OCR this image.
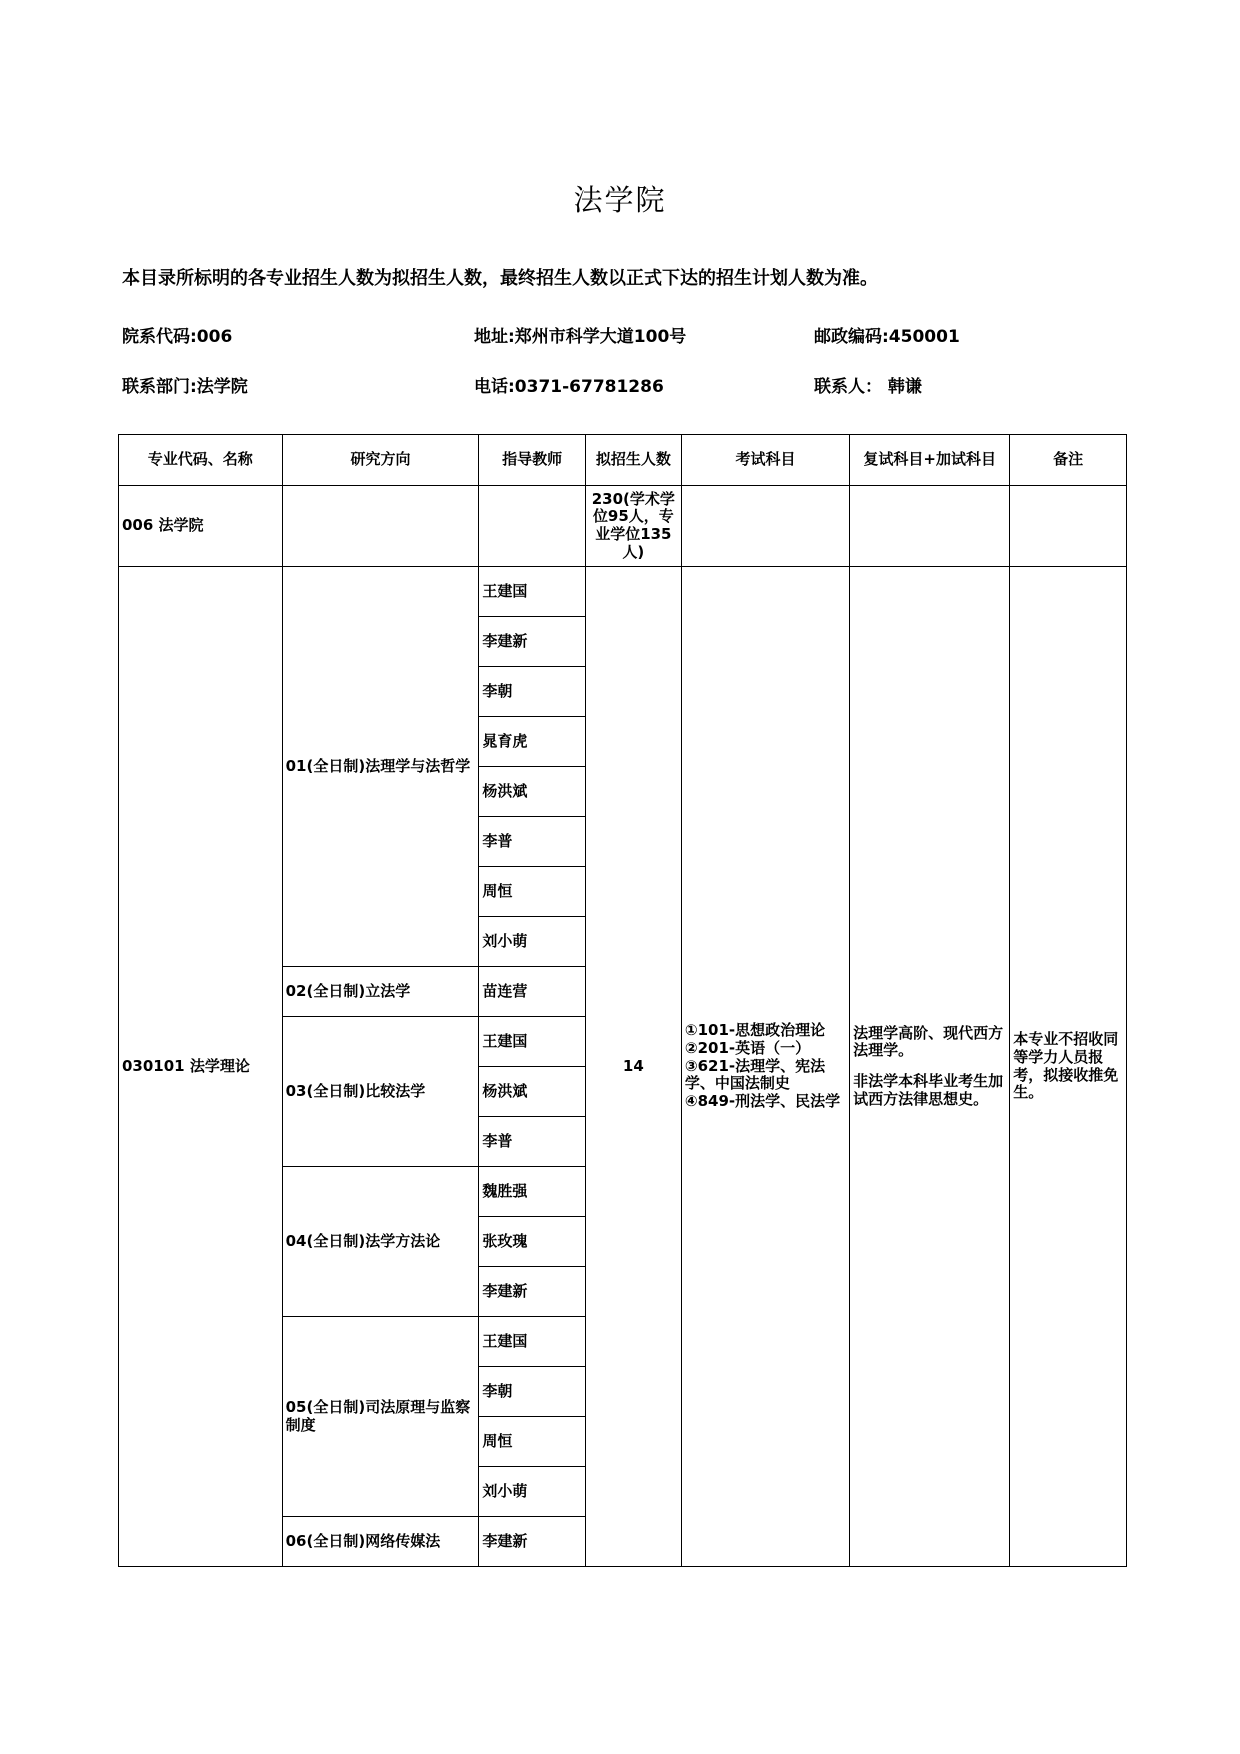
法学院

本目录所标明的各专业招生人数为拟招生人数，最终招生人数以正式下达的招生计划人数为准。

院系代码:006	地址:郑州市科学大道100号	邮政编码:450001
联系部门:法学院	电话:0371-67781286	联系人： 韩谦
专业代码、名称	研究方向	指导教师	拟招生人数	考试科目	复试科目+加试科目	备注
006 法学院			230(学术学位95人，专业学位135人)			
030101 法学理论	01(全日制)法理学与法哲学	王建国	14	①101-思想政治理论
②201-英语（一）
③621-法理学、宪法学、中国法制史
④849-刑法学、民法学	法理学高阶、现代西方法理学。
非法学本科毕业考生加试西方法律思想史。	本专业不招收同等学力人员报考，拟接收推免生。

		李建新				
		李朝				
		晁育虎				
		杨洪斌				
		李普				
		周恒				
		刘小萌				
	02(全日制)立法学	苗连营				
	03(全日制)比较法学	王建国				
		杨洪斌				
		李普				
	04(全日制)法学方法论	魏胜强				
		张玫瑰				
		李建新				
	05(全日制)司法原理与监察制度	王建国				
		李朝				
		周恒				
		刘小萌				
	06(全日制)网络传媒法	李建新				
